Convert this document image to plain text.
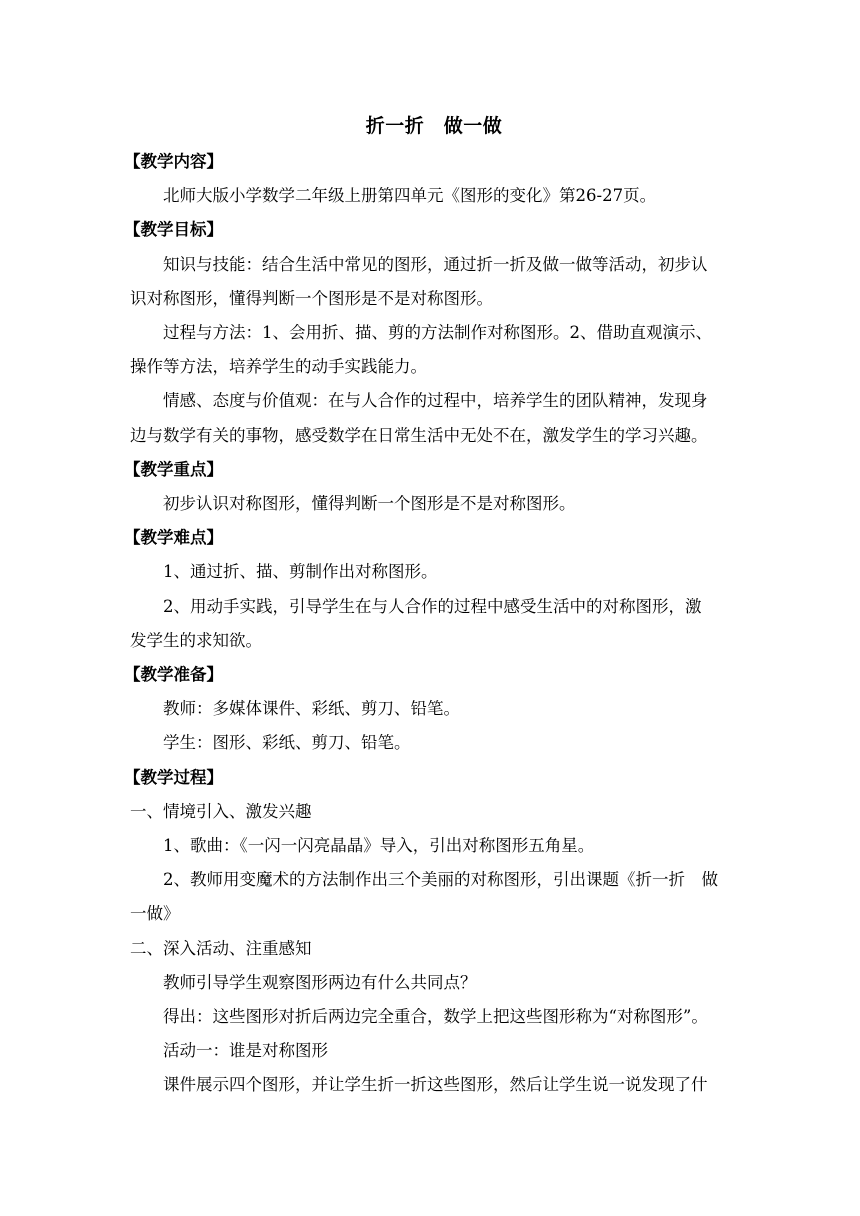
折一折　做一做

【教学内容】

北师大版小学数学二年级上册第四单元《图形的变化》第26-27页。

【教学目标】

知识与技能：结合生活中常见的图形，通过折一折及做一做等活动，初步认

识对称图形，懂得判断一个图形是不是对称图形。

过程与方法：1、会用折、描、剪的方法制作对称图形。2、借助直观演示、

操作等方法，培养学生的动手实践能力。

情感、态度与价值观：在与人合作的过程中，培养学生的团队精神，发现身

边与数学有关的事物，感受数学在日常生活中无处不在，激发学生的学习兴趣。

【教学重点】

初步认识对称图形，懂得判断一个图形是不是对称图形。

【教学难点】

1、通过折、描、剪制作出对称图形。

2、用动手实践，引导学生在与人合作的过程中感受生活中的对称图形，激

发学生的求知欲。

【教学准备】

教师：多媒体课件、彩纸、剪刀、铅笔。

学生：图形、彩纸、剪刀、铅笔。

【教学过程】

一、情境引入、激发兴趣

1、歌曲：《一闪一闪亮晶晶》导入，引出对称图形五角星。

2、教师用变魔术的方法制作出三个美丽的对称图形，引出课题《折一折　做

一做》

二、深入活动、注重感知

教师引导学生观察图形两边有什么共同点？

得出：这些图形对折后两边完全重合，数学上把这些图形称为“对称图形”。

活动一：谁是对称图形

课件展示四个图形，并让学生折一折这些图形，然后让学生说一说发现了什
